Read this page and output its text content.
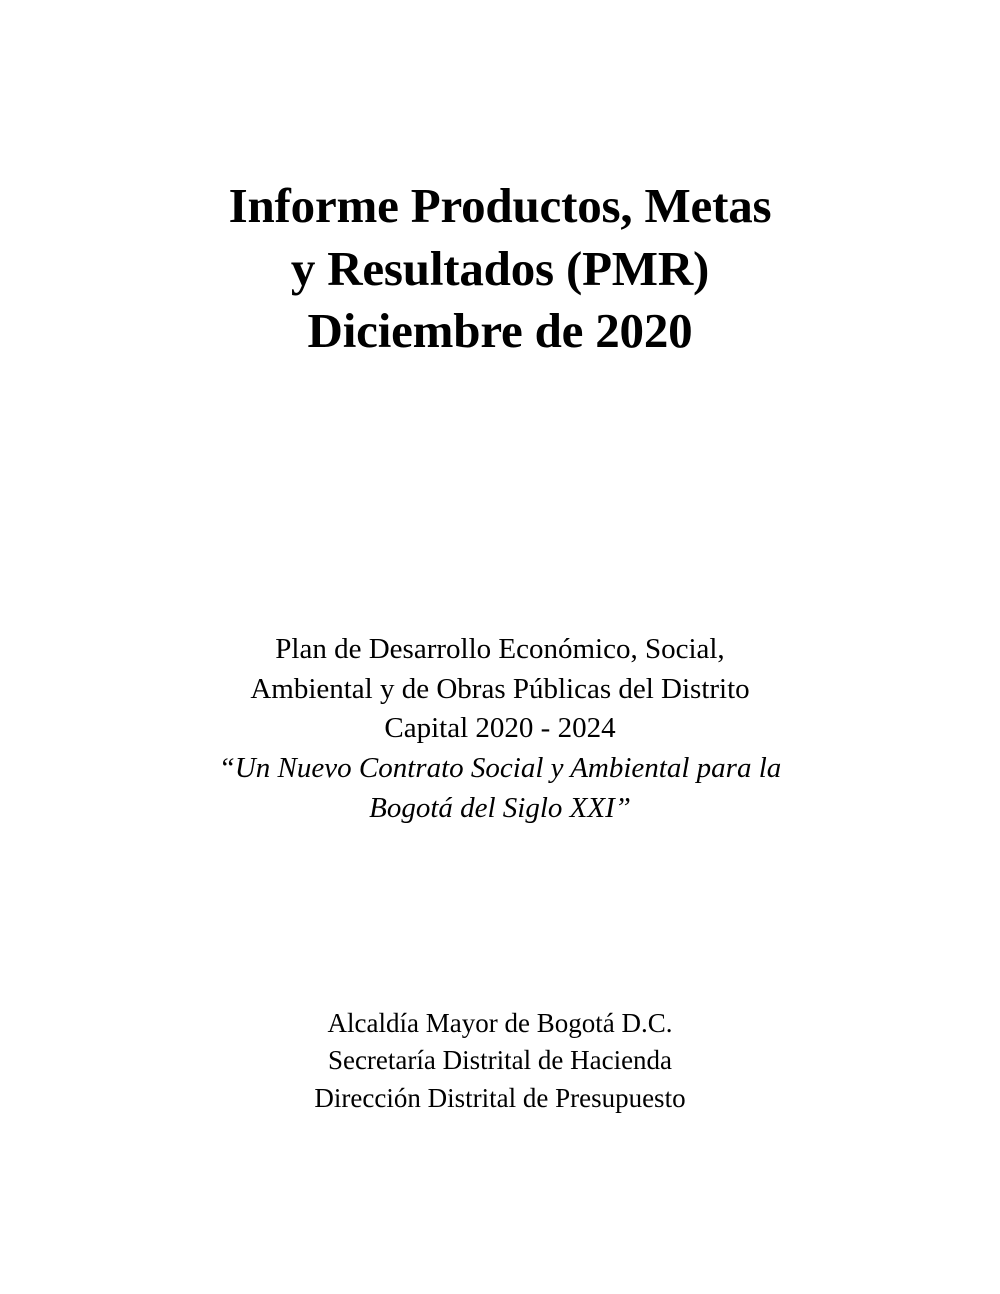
Informe Productos, Metas
y Resultados (PMR)
Diciembre de 2020
Plan de Desarrollo Económico, Social,
Ambiental y de Obras Públicas del Distrito
Capital 2020 - 2024
“Un Nuevo Contrato Social y Ambiental para la
Bogotá del Siglo XXI”
Alcaldía Mayor de Bogotá D.C.
Secretaría Distrital de Hacienda
Dirección Distrital de Presupuesto
